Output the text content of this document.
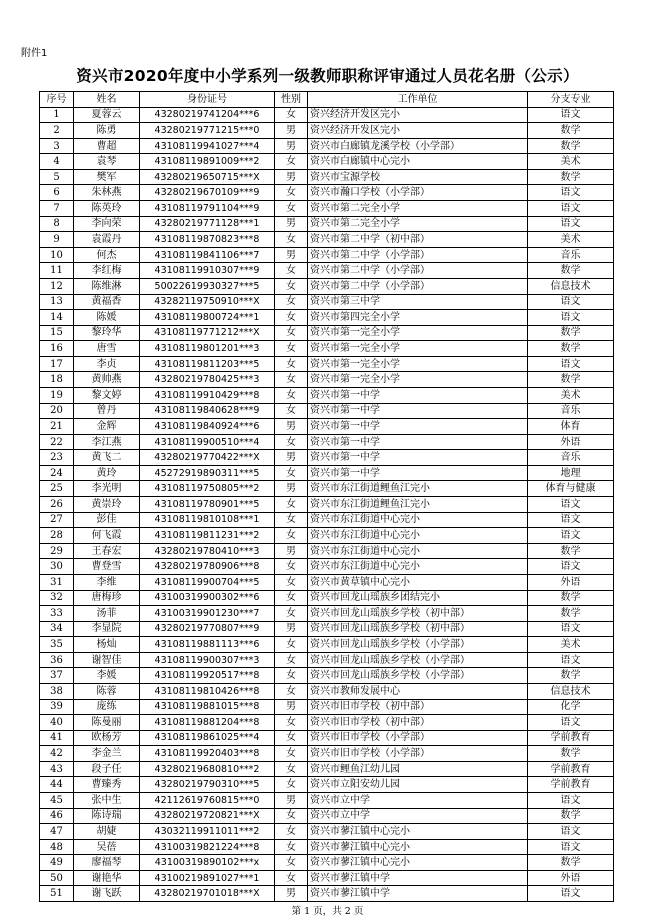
附件1
资兴市2020年度中小学系列一级教师职称评审通过人员花名册（公示）
序号	姓名	身份证号	性别	工作单位	分支专业
1	夏蓉云	43280219741204***6	女	资兴经济开发区完小	语文
2	陈勇	43280219771215***0	男	资兴经济开发区完小	数学
3	曹超	43108119941027***4	男	资兴市白廊镇龙溪学校（小学部）	数学
4	袁琴	43108119891009***2	女	资兴市白廊镇中心完小	美术
5	樊军	43280219650715***X	男	资兴市宝源学校	数学
6	朱林燕	43280219670109***9	女	资兴市瀚口学校（小学部）	语文
7	陈英玲	43108119791104***9	女	资兴市第二完全小学	语文
8	李向荣	43280219771128***1	男	资兴市第二完全小学	语文
9	袁霞丹	43108119870823***8	女	资兴市第二中学（初中部）	美术
10	何杰	43108119841106***7	男	资兴市第二中学（小学部）	音乐
11	李红梅	43108119910307***9	女	资兴市第二中学（小学部）	数学
12	陈维淋	50022619930327***5	女	资兴市第二中学（小学部）	信息技术
13	黄福香	43282119750910***X	女	资兴市第三中学	语文
14	陈媛	43108119800724***1	女	资兴市第四完全小学	语文
15	黎玲华	43108119771212***X	女	资兴市第一完全小学	数学
16	唐雪	43108119801201***3	女	资兴市第一完全小学	数学
17	李贞	43108119811203***5	女	资兴市第一完全小学	语文
18	黄帅燕	43280219780425***3	女	资兴市第一完全小学	数学
19	黎文婷	43108119910429***8	女	资兴市第一中学	美术
20	曾丹	43108119840628***9	女	资兴市第一中学	音乐
21	金辉	43108119840924***6	男	资兴市第一中学	体育
22	李江燕	43108119900510***4	女	资兴市第一中学	外语
23	黄飞二	43280219770422***X	男	资兴市第一中学	音乐
24	黄玲	45272919890311***5	女	资兴市第一中学	地理
25	李光明	43108119750805***2	男	资兴市东江街道鲤鱼江完小	体育与健康
26	黄崇玲	43108119780901***5	女	资兴市东江街道鲤鱼江完小	语文
27	彭佳	43108119810108***1	女	资兴市东江街道中心完小	语文
28	何飞霞	43108119811231***2	女	资兴市东江街道中心完小	语文
29	王春宏	43280219780410***3	男	资兴市东江街道中心完小	数学
30	曹登雪	43280219780906***8	女	资兴市东江街道中心完小	语文
31	李维	43108119900704***5	女	资兴市黄草镇中心完小	外语
32	唐梅珍	43100319900302***6	女	资兴市回龙山瑶族乡团结完小	数学
33	汤菲	43100319901230***7	女	资兴市回龙山瑶族乡学校（初中部）	数学
34	李显院	43280219770807***9	男	资兴市回龙山瑶族乡学校（初中部）	语文
35	杨灿	43108119881113***6	女	资兴市回龙山瑶族乡学校（小学部）	美术
36	谢智佳	43108119900307***3	女	资兴市回龙山瑶族乡学校（小学部）	语文
37	李媛	43108119920517***8	女	资兴市回龙山瑶族乡学校（小学部）	数学
38	陈蓉	43108119810426***8	女	资兴市教师发展中心	信息技术
39	庞练	43108119881015***8	男	资兴市旧市学校（初中部）	化学
40	陈曼丽	43108119881204***8	女	资兴市旧市学校（初中部）	语文
41	欧杨芳	43108119861025***4	女	资兴市旧市学校（小学部）	学前教育
42	李金兰	43108119920403***8	女	资兴市旧市学校（小学部）	数学
43	段子任	43280219680810***2	女	资兴市鲤鱼江幼儿园	学前教育
44	曹臻秀	43280219790310***5	女	资兴市立阳安幼儿园	学前教育
45	张中生	42112619760815***0	男	资兴市立中学	语文
46	陈诗瑞	43280219720821***X	女	资兴市立中学	数学
47	胡婕	43032119911011***2	女	资兴市蓼江镇中心完小	语文
48	吴蓓	43100319821224***8	女	资兴市蓼江镇中心完小	语文
49	廖福琴	43100319890102***x	女	资兴市蓼江镇中心完小	数学
50	谢艳华	43100219891027***1	女	资兴市蓼江镇中学	外语
51	谢飞跃	43280219701018***X	男	资兴市蓼江镇中学	语文
第 1 页，共 2 页
